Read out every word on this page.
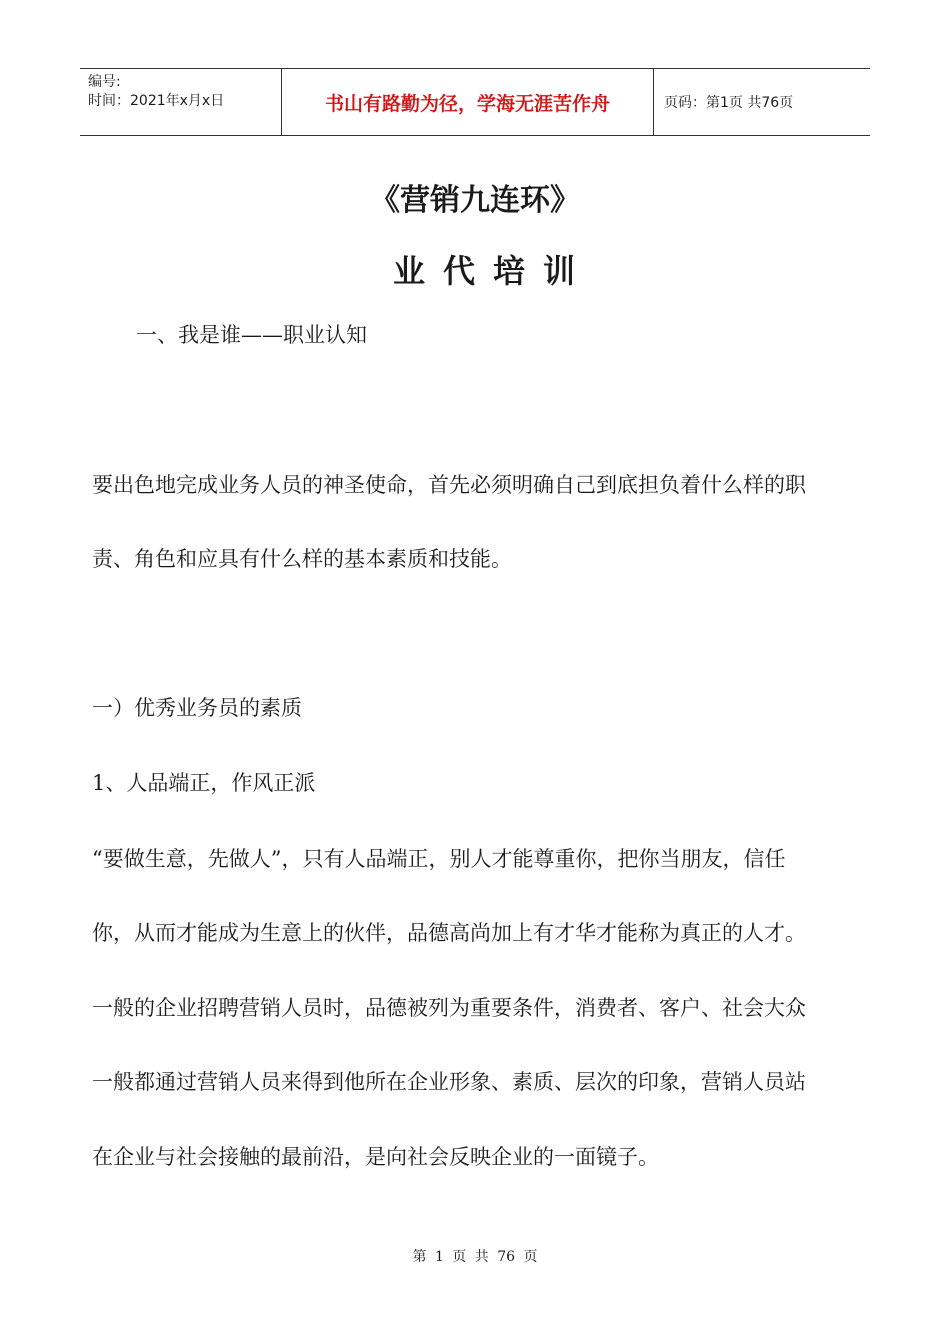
编号:
时间：2021年x月x日	书山有路勤为径，学海无涯苦作舟	页码：第1页 共76页
《营销九连环》
业代培训

一、我是谁——职业认知

要出色地完成业务人员的神圣使命，首先必须明确自己到底担负着什么样的职

责、角色和应具有什么样的基本素质和技能。

一）优秀业务员的素质

1、人品端正，作风正派

“要做生意，先做人”，只有人品端正，别人才能尊重你，把你当朋友，信任

你，从而才能成为生意上的伙伴，品德高尚加上有才华才能称为真正的人才。

一般的企业招聘营销人员时，品德被列为重要条件，消费者、客户、社会大众

一般都通过营销人员来得到他所在企业形象、素质、层次的印象，营销人员站

在企业与社会接触的最前沿，是向社会反映企业的一面镜子。

第 1 页 共 76 页
